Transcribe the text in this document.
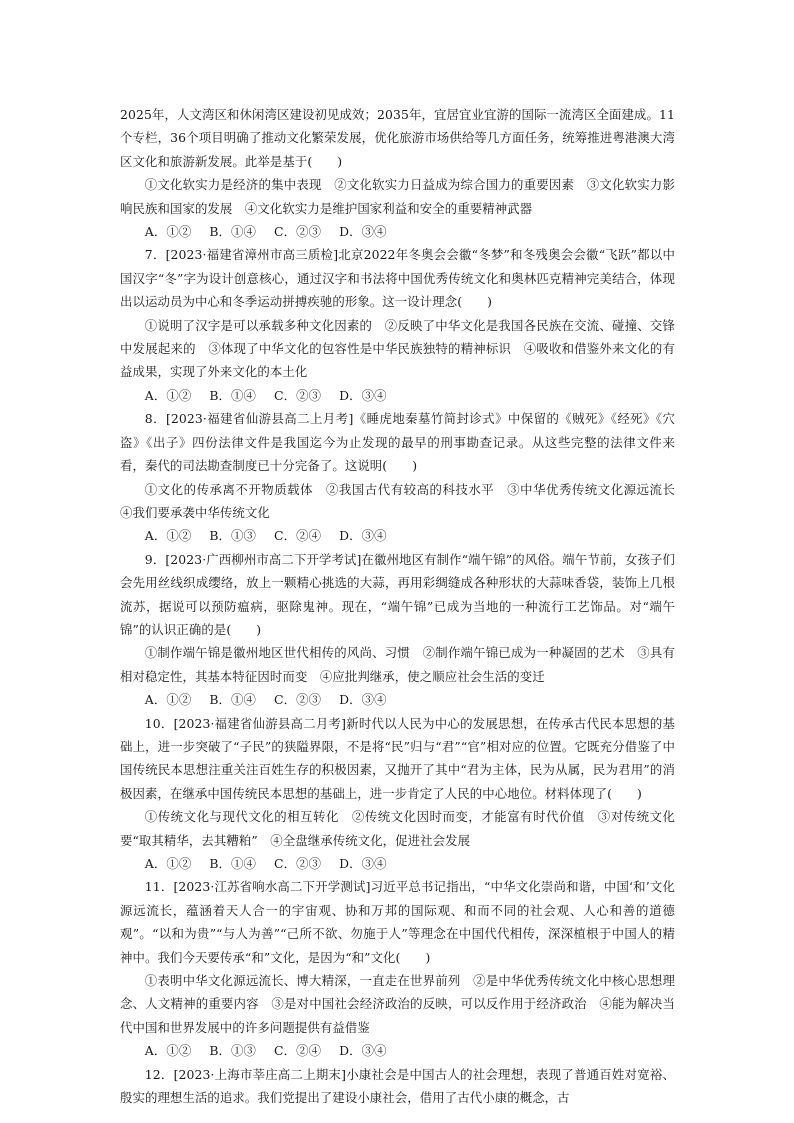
2025年，人文湾区和休闲湾区建设初见成效；2035年，宜居宜业宜游的国际一流湾区全面建成。11个专栏，36个项目明确了推动文化繁荣发展，优化旅游市场供给等几方面任务，统筹推进粤港澳大湾区文化和旅游新发展。此举是基于(　　)

①文化软实力是经济的集中表现　②文化软实力日益成为综合国力的重要因素　③文化软实力影响民族和国家的发展　④文化软实力是维护国家利益和安全的重要精神武器

A．①② B．①④ C．②③ D．③④

7．[2023·福建省漳州市高三质检]北京2022年冬奥会会徽“冬梦”和冬残奥会会徽“飞跃”都以中国汉字“冬”字为设计创意核心，通过汉字和书法将中国优秀传统文化和奥林匹克精神完美结合，体现出以运动员为中心和冬季运动拼搏疾驰的形象。这一设计理念(　　)

①说明了汉字是可以承载多种文化因素的　②反映了中华文化是我国各民族在交流、碰撞、交锋中发展起来的　③体现了中华文化的包容性是中华民族独特的精神标识　④吸收和借鉴外来文化的有益成果，实现了外来文化的本土化

A．①② B．①④ C．②③ D．③④

8．[2023·福建省仙游县高二上月考]《睡虎地秦墓竹简封诊式》中保留的《贼死》《经死》《穴盗》《出子》四份法律文件是我国迄今为止发现的最早的刑事勘查记录。从这些完整的法律文件来看，秦代的司法勘查制度已十分完备了。这说明(　　)

①文化的传承离不开物质载体　②我国古代有较高的科技水平　③中华优秀传统文化源远流长　④我们要承袭中华传统文化

A．①② B．①③ C．②④ D．③④

9．[2023·广西柳州市高二下开学考试]在徽州地区有制作“端午锦”的风俗。端午节前，女孩子们会先用丝线织成缨络，放上一颗精心挑选的大蒜，再用彩绸缝成各种形状的大蒜味香袋，装饰上几根流苏，据说可以预防瘟病，驱除鬼神。现在，“端午锦”已成为当地的一种流行工艺饰品。对“端午锦”的认识正确的是(　　)

①制作端午锦是徽州地区世代相传的风尚、习惯　②制作端午锦已成为一种凝固的艺术　③具有相对稳定性，其基本特征因时而变　④应批判继承，使之顺应社会生活的变迁

A．①② B．①④ C．②③ D．③④

10．[2023·福建省仙游县高二月考]新时代以人民为中心的发展思想，在传承古代民本思想的基础上，进一步突破了“子民”的狭隘界限，不是将“民”归与“君”“官”相对应的位置。它既充分借鉴了中国传统民本思想注重关注百姓生存的积极因素，又抛开了其中“君为主体，民为从属，民为君用”的消极因素，在继承中国传统民本思想的基础上，进一步肯定了人民的中心地位。材料体现了(　　)

①传统文化与现代文化的相互转化　②传统文化因时而变，才能富有时代价值　③对传统文化要“取其精华，去其糟粕”　④全盘继承传统文化，促进社会发展

A．①② B．①④ C．②③ D．③④

11．[2023·江苏省响水高二下开学测试]习近平总书记指出，“中华文化崇尚和谐，中国‘和’文化源远流长，蕴涵着天人合一的宇宙观、协和万邦的国际观、和而不同的社会观、人心和善的道德观”。“以和为贵”“与人为善”“己所不欲、勿施于人”等理念在中国代代相传，深深植根于中国人的精神中。我们今天要传承“和”文化，是因为“和”文化(　　)

①表明中华文化源远流长、博大精深，一直走在世界前列　②是中华优秀传统文化中核心思想理念、人文精神的重要内容　③是对中国社会经济政治的反映，可以反作用于经济政治　④能为解决当代中国和世界发展中的许多问题提供有益借鉴

A．①② B．①③ C．②④ D．③④

12．[2023·上海市莘庄高二上期末]小康社会是中国古人的社会理想，表现了普通百姓对宽裕、殷实的理想生活的追求。我们党提出了建设小康社会，借用了古代小康的概念，古
